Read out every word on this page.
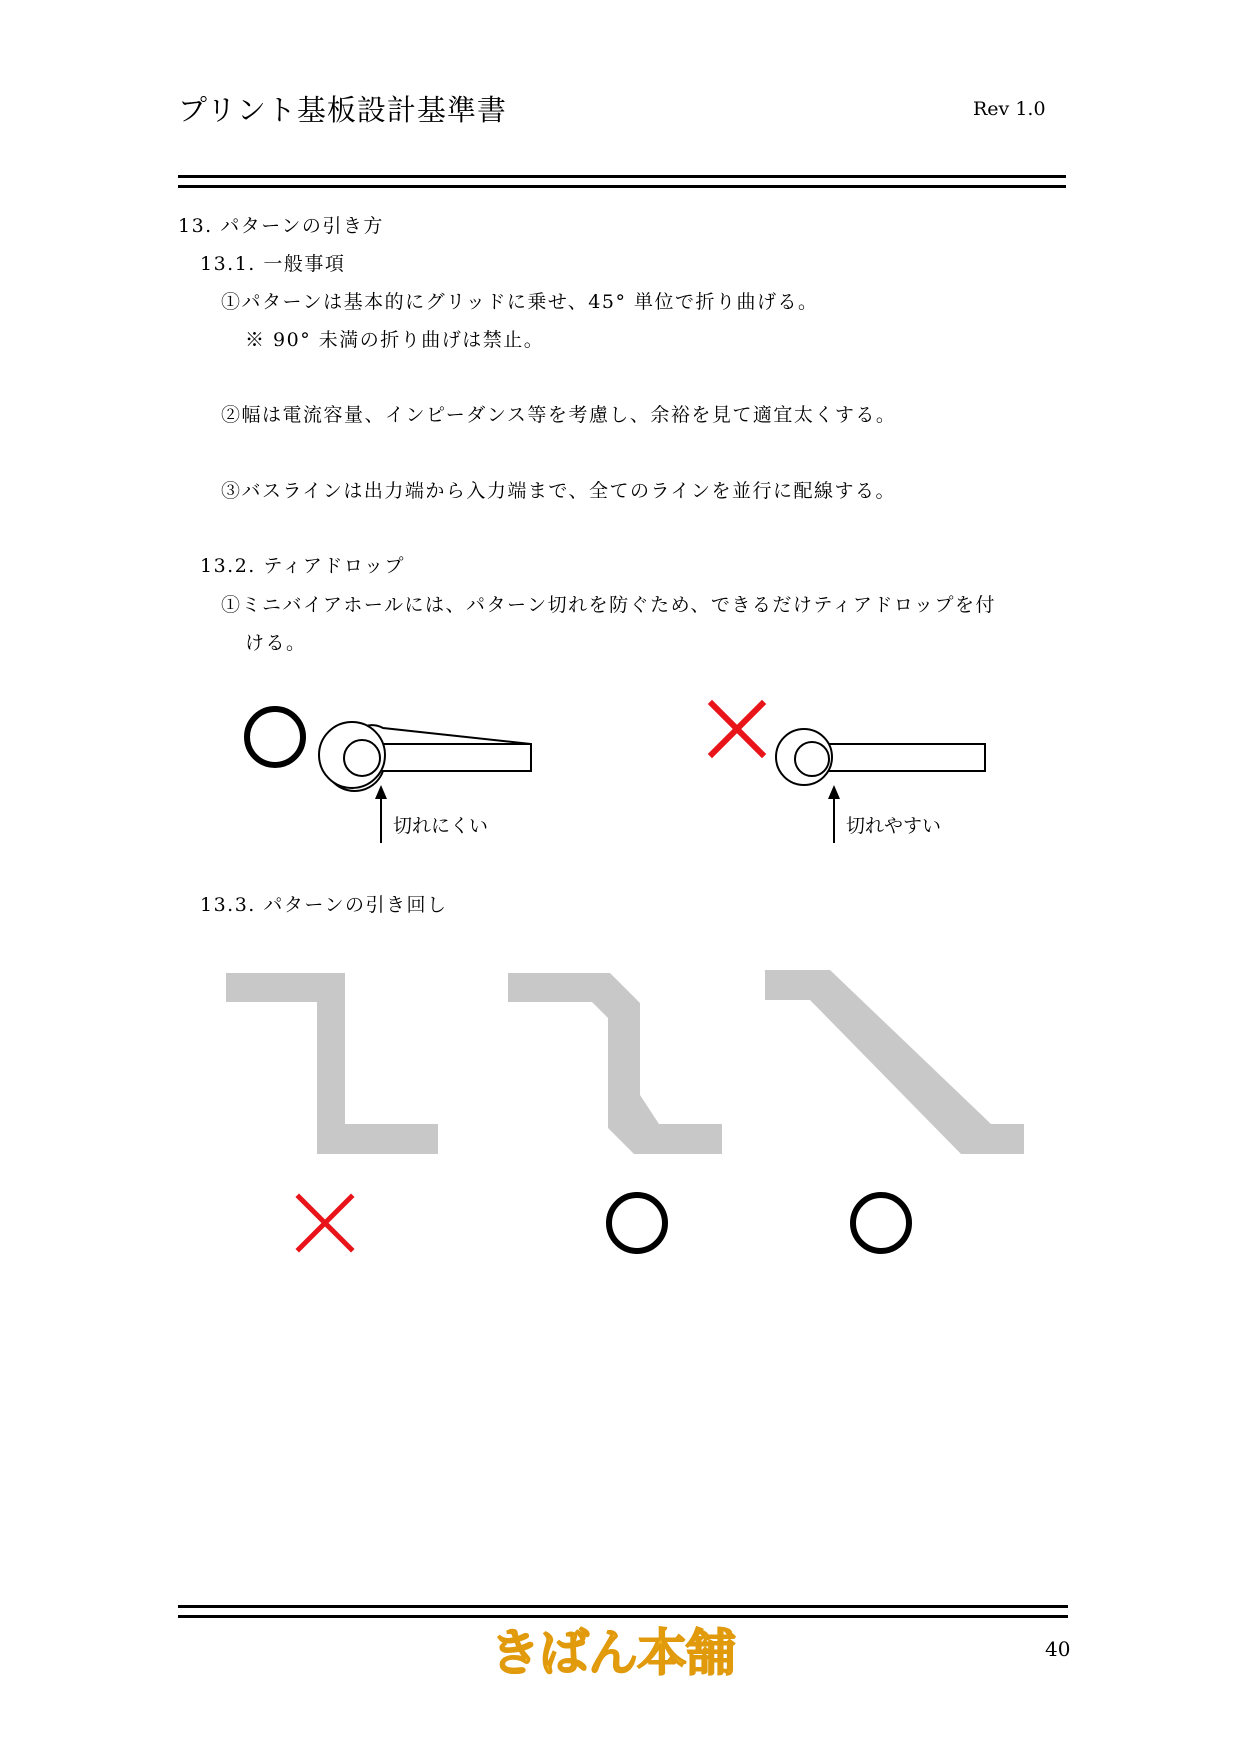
プリント基板設計基準書	Rev 1.0
13. パターンの引き方
13.1. 一般事項
①パターンは基本的にグリッドに乗せ、45° 単位で折り曲げる。
※ 90° 未満の折り曲げは禁止。
②幅は電流容量、インピーダンス等を考慮し、余裕を見て適宜太くする。
③バスラインは出力端から入力端まで、全てのラインを並行に配線する。
13.2. ティアドロップ
①ミニバイアホールには、パターン切れを防ぐため、できるだけティアドロップを付
ける。
切れにくい	切れやすい
13.3. パターンの引き回し
きばん本舗	40
